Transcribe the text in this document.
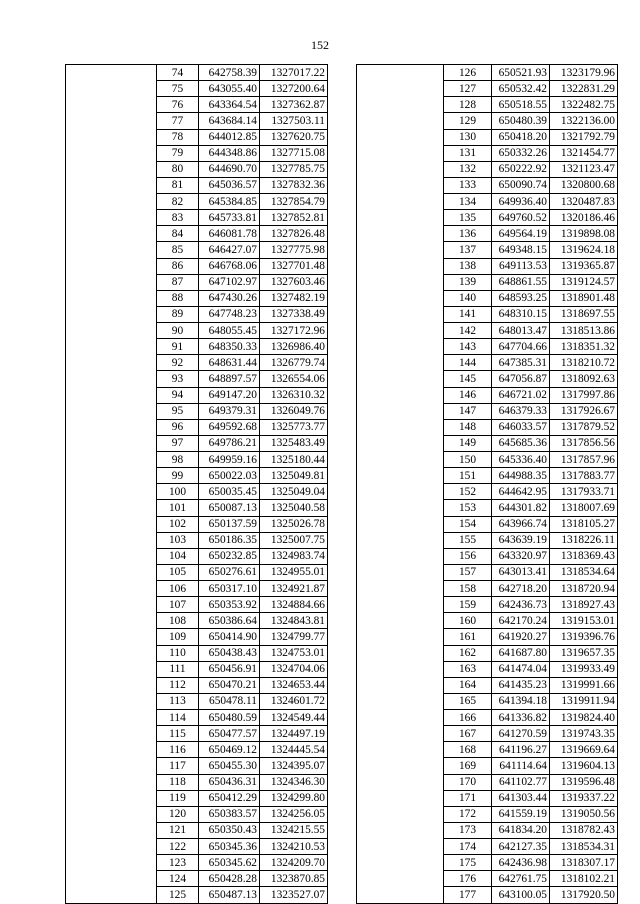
152
	74	642758.39	1327017.22
	75	643055.40	1327200.64
	76	643364.54	1327362.87
	77	643684.14	1327503.11
	78	644012.85	1327620.75
	79	644348.86	1327715.08
	80	644690.70	1327785.75
	81	645036.57	1327832.36
	82	645384.85	1327854.79
	83	645733.81	1327852.81
	84	646081.78	1327826.48
	85	646427.07	1327775.98
	86	646768.06	1327701.48
	87	647102.97	1327603.46
	88	647430.26	1327482.19
	89	647748.23	1327338.49
	90	648055.45	1327172.96
	91	648350.33	1326986.40
	92	648631.44	1326779.74
	93	648897.57	1326554.06
	94	649147.20	1326310.32
	95	649379.31	1326049.76
	96	649592.68	1325773.77
	97	649786.21	1325483.49
	98	649959.16	1325180.44
	99	650022.03	1325049.81
	100	650035.45	1325049.04
	101	650087.13	1325040.58
	102	650137.59	1325026.78
	103	650186.35	1325007.75
	104	650232.85	1324983.74
	105	650276.61	1324955.01
	106	650317.10	1324921.87
	107	650353.92	1324884.66
	108	650386.64	1324843.81
	109	650414.90	1324799.77
	110	650438.43	1324753.01
	111	650456.91	1324704.06
	112	650470.21	1324653.44
	113	650478.11	1324601.72
	114	650480.59	1324549.44
	115	650477.57	1324497.19
	116	650469.12	1324445.54
	117	650455.30	1324395.07
	118	650436.31	1324346.30
	119	650412.29	1324299.80
	120	650383.57	1324256.05
	121	650350.43	1324215.55
	122	650345.36	1324210.53
	123	650345.62	1324209.70
	124	650428.28	1323870.85
	125	650487.13	1323527.07
	126	650521.93	1323179.96
	127	650532.42	1322831.29
	128	650518.55	1322482.75
	129	650480.39	1322136.00
	130	650418.20	1321792.79
	131	650332.26	1321454.77
	132	650222.92	1321123.47
	133	650090.74	1320800.68
	134	649936.40	1320487.83
	135	649760.52	1320186.46
	136	649564.19	1319898.08
	137	649348.15	1319624.18
	138	649113.53	1319365.87
	139	648861.55	1319124.57
	140	648593.25	1318901.48
	141	648310.15	1318697.55
	142	648013.47	1318513.86
	143	647704.66	1318351.32
	144	647385.31	1318210.72
	145	647056.87	1318092.63
	146	646721.02	1317997.86
	147	646379.33	1317926.67
	148	646033.57	1317879.52
	149	645685.36	1317856.56
	150	645336.40	1317857.96
	151	644988.35	1317883.77
	152	644642.95	1317933.71
	153	644301.82	1318007.69
	154	643966.74	1318105.27
	155	643639.19	1318226.11
	156	643320.97	1318369.43
	157	643013.41	1318534.64
	158	642718.20	1318720.94
	159	642436.73	1318927.43
	160	642170.24	1319153.01
	161	641920.27	1319396.76
	162	641687.80	1319657.35
	163	641474.04	1319933.49
	164	641435.23	1319991.66
	165	641394.18	1319911.94
	166	641336.82	1319824.40
	167	641270.59	1319743.35
	168	641196.27	1319669.64
	169	641114.64	1319604.13
	170	641102.77	1319596.48
	171	641303.44	1319337.22
	172	641559.19	1319050.56
	173	641834.20	1318782.43
	174	642127.35	1318534.31
	175	642436.98	1318307.17
	176	642761.75	1318102.21
	177	643100.05	1317920.50
